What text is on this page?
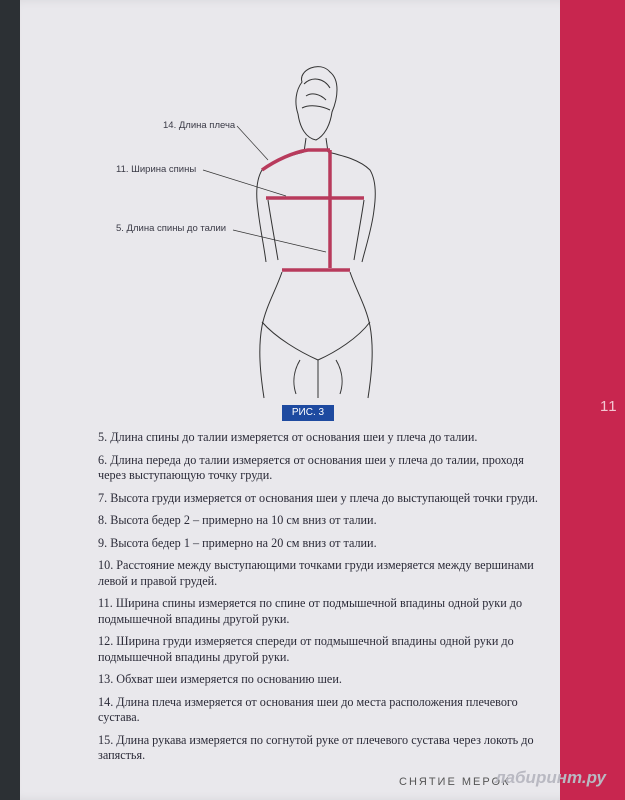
11
14. Длина плеча
11. Ширина спины
5. Длина спины до талии
РИС. 3

5. Длина спины до талии измеряется от основания шеи у плеча до талии.

6. Длина переда до талии измеряется от основания шеи у плеча до талии, проходя через выступающую точку груди.

7. Высота груди измеряется от основания шеи у плеча до выступающей точки груди.

8. Высота бедер 2 – примерно на 10 см вниз от талии.

9. Высота бедер 1 – примерно на 20 см вниз от талии.

10. Расстояние между выступающими точками груди измеряется между вершинами левой и правой грудей.

11. Ширина спины измеряется по спине от подмышечной впадины одной руки до подмышечной впадины другой руки.

12. Ширина груди измеряется спереди от подмышечной впадины одной руки до подмышечной впадины другой руки.

13. Обхват шеи измеряется по основанию шеи.

14. Длина плеча измеряется от основания шеи до места расположения плечевого сустава.

15. Длина рукава измеряется по согнутой руке от плечевого сустава через локоть до запястья.

СНЯТИЕ МЕРОК
лабиринт.ру
